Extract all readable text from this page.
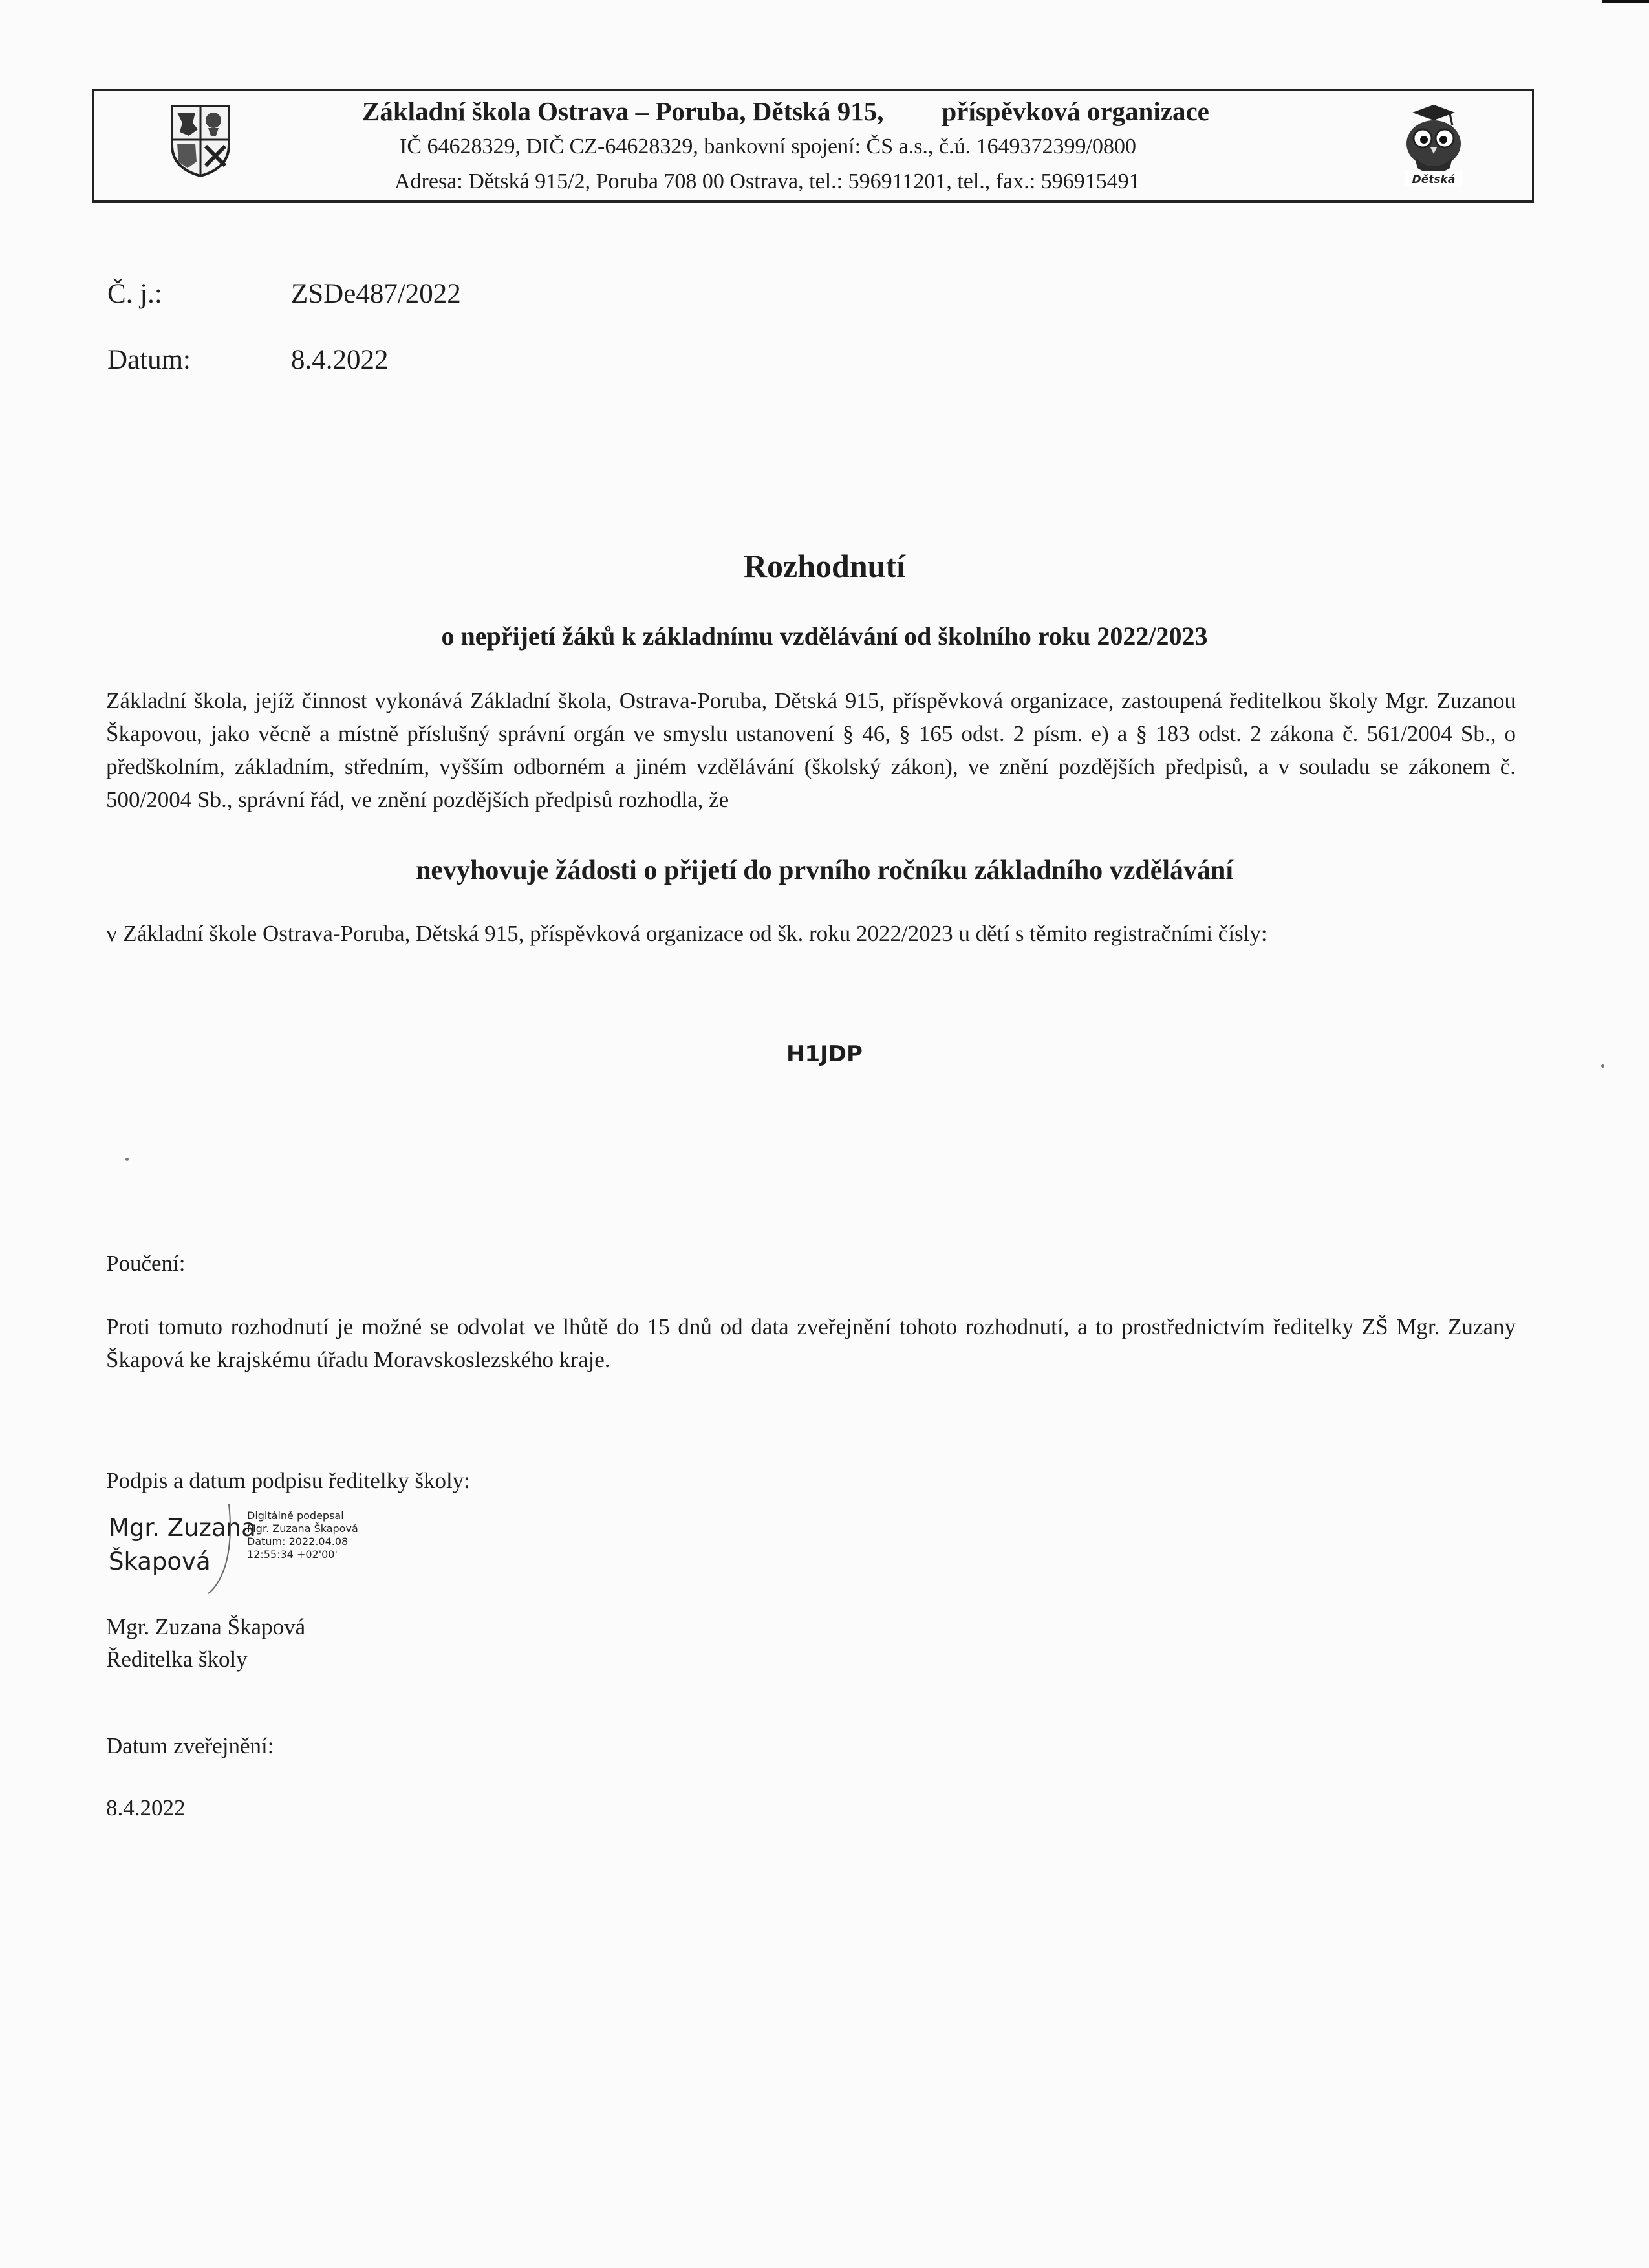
Základní škola Ostrava – Poruba, Dětská 915, příspěvková organizace
IČ 64628329, DIČ CZ-64628329, bankovní spojení: ČS a.s., č.ú. 1649372399/0800
Adresa: Dětská 915/2, Poruba 708 00 Ostrava, tel.: 596911201, tel., fax.: 596915491	Dětská
Č. j.:	ZSDe487/2022
Datum:	8.4.2022
Rozhodnutí
o nepřijetí žáků k základnímu vzdělávání od školního roku 2022/2023
Základní škola, jejíž činnost vykonává Základní škola, Ostrava-Poruba, Dětská 915, příspěvková organizace, zastoupená ředitelkou školy Mgr. Zuzanou Škapovou, jako věcně a místně příslušný správní orgán ve smyslu ustanovení § 46, § 165 odst. 2 písm. e) a § 183 odst. 2 zákona č. 561/2004 Sb., o předškolním, základním, středním, vyšším odborném a jiném vzdělávání (školský zákon), ve znění pozdějších předpisů, a v souladu se zákonem č. 500/2004 Sb., správní řád, ve znění pozdějších předpisů rozhodla, že
nevyhovuje žádosti o přijetí do prvního ročníku základního vzdělávání
v Základní škole Ostrava-Poruba, Dětská 915, příspěvková organizace od šk. roku 2022/2023 u dětí s těmito registračními čísly:
H1JDP
Poučení:
Proti tomuto rozhodnutí je možné se odvolat ve lhůtě do 15 dnů od data zveřejnění tohoto rozhodnutí, a to prostřednictvím ředitelky ZŠ Mgr. Zuzany Škapová ke krajskému úřadu Moravskoslezského kraje.
Podpis a datum podpisu ředitelky školy:
Mgr. Zuzana
Škapová
Digitálně podepsal
Mgr. Zuzana Škapová
Datum: 2022.04.08
12:55:34 +02'00'
Mgr. Zuzana Škapová
Ředitelka školy
Datum zveřejnění:
8.4.2022
